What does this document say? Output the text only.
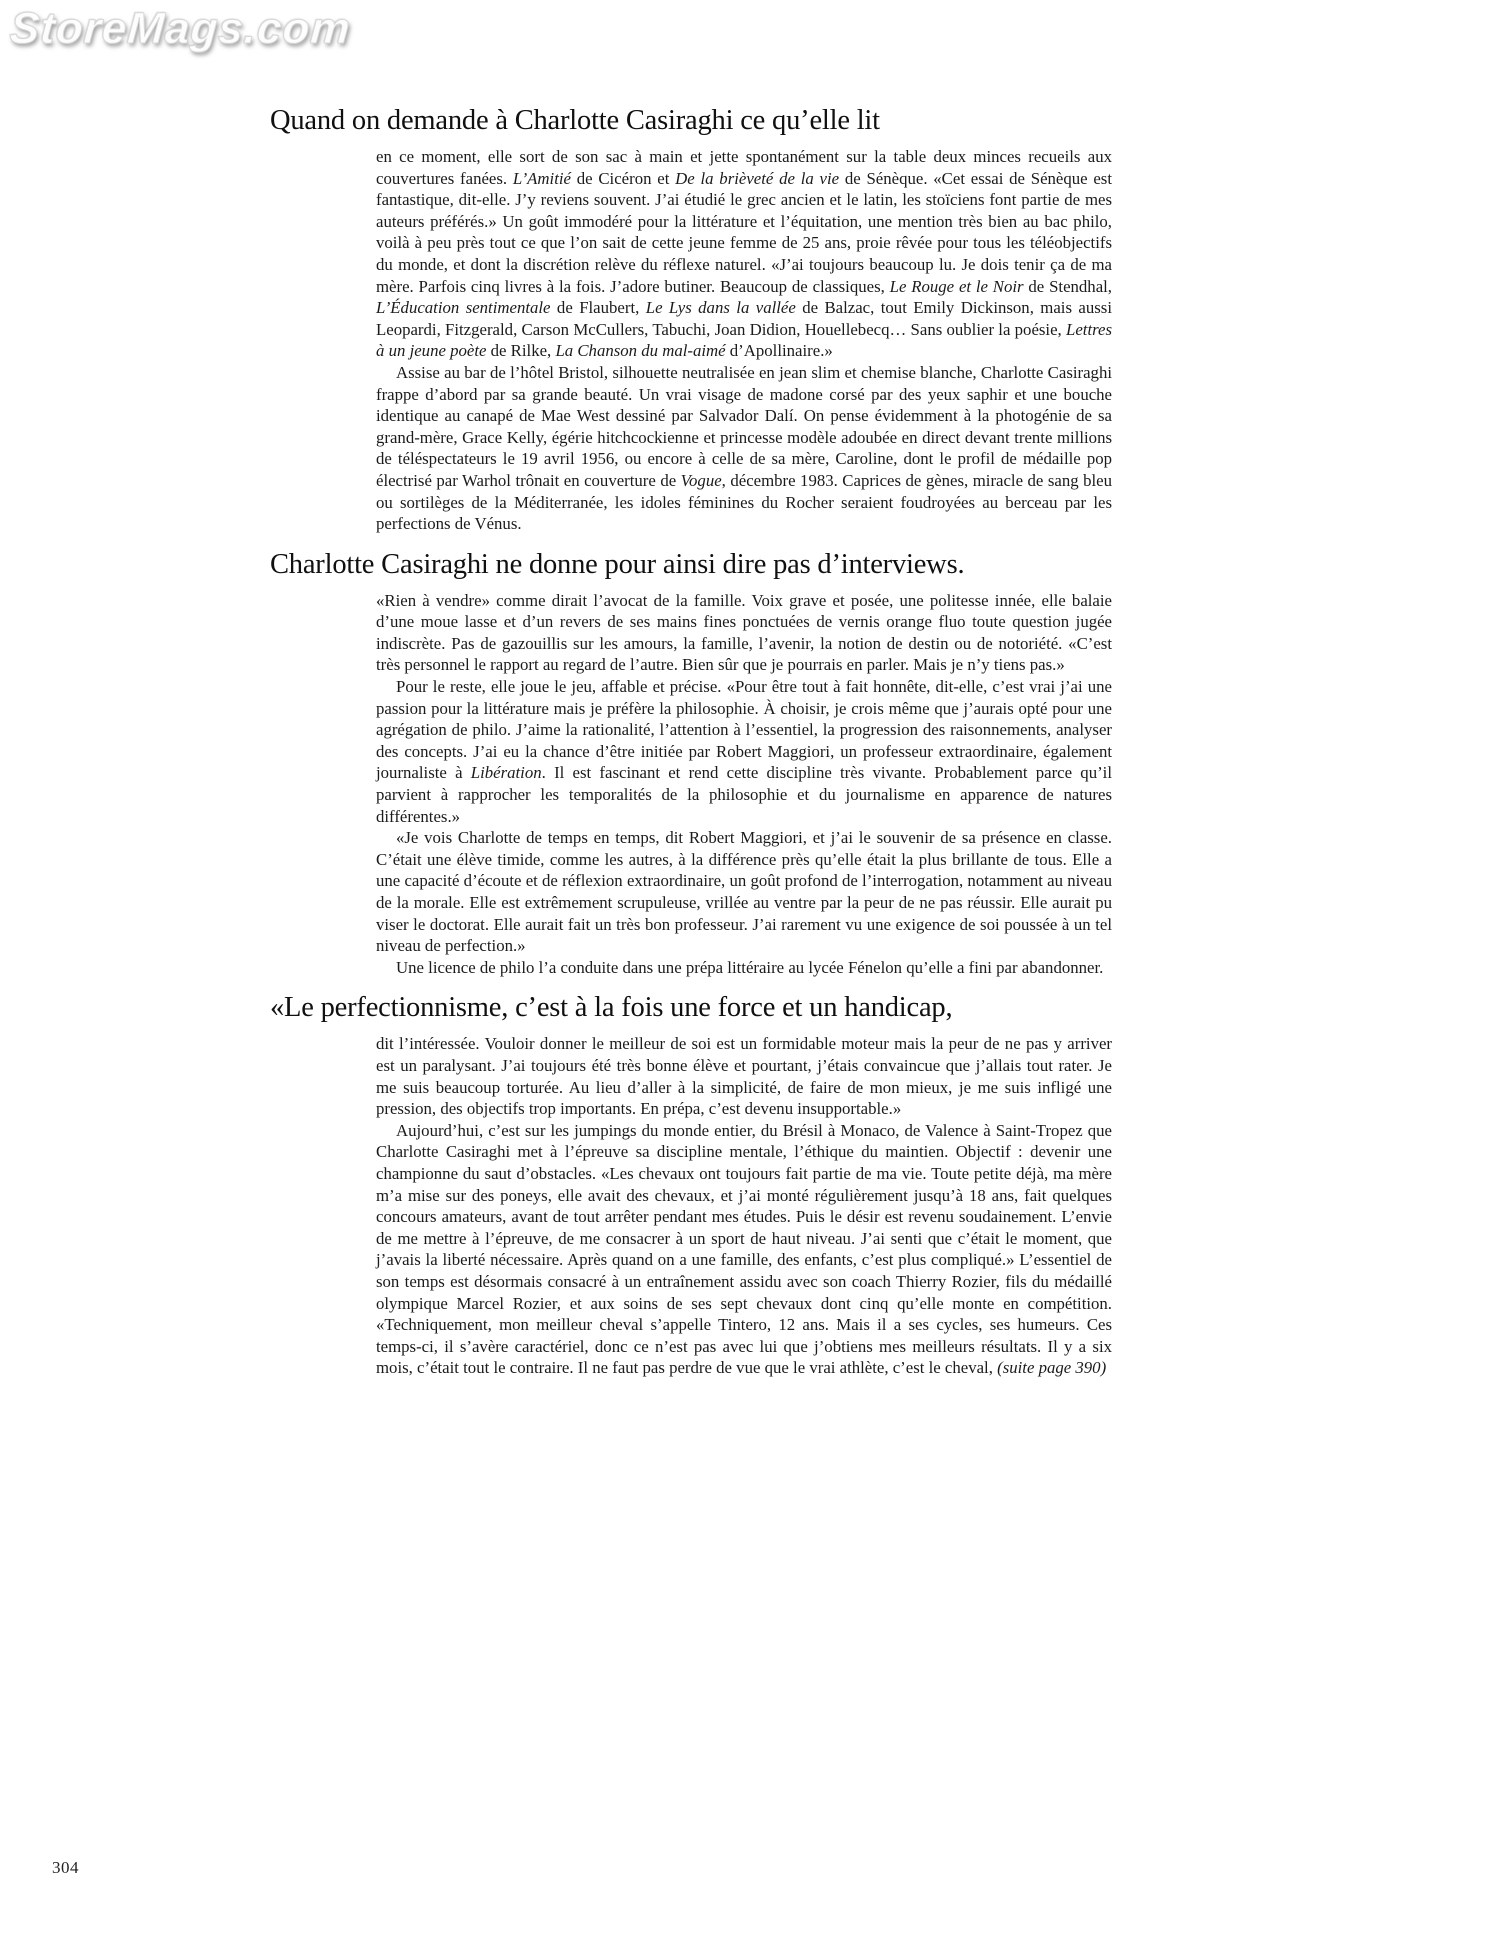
StoreMags.com
Quand on demande à Charlotte Casiraghi ce qu’elle lit

en ce moment, elle sort de son sac à main et jette spontanément sur la table deux minces recueils aux couvertures fanées. L’Amitié de Cicéron et De la brièveté de la vie de Sénèque. «Cet essai de Sénèque est fantastique, dit-elle. J’y reviens souvent. J’ai étudié le grec ancien et le latin, les stoïciens font partie de mes auteurs préférés.» Un goût immodéré pour la littérature et l’équitation, une mention très bien au bac philo, voilà à peu près tout ce que l’on sait de cette jeune femme de 25 ans, proie rêvée pour tous les téléobjectifs du monde, et dont la discrétion relève du réflexe naturel. «J’ai toujours beaucoup lu. Je dois tenir ça de ma mère. Parfois cinq livres à la fois. J’adore butiner. Beaucoup de classiques, Le Rouge et le Noir de Stendhal, L’Éducation sentimentale de Flaubert, Le Lys dans la vallée de Balzac, tout Emily Dickinson, mais aussi Leopardi, Fitzgerald, Carson McCullers, Tabuchi, Joan Didion, Houellebecq… Sans oublier la poésie, Lettres à un jeune poète de Rilke, La Chanson du mal-aimé d’Apollinaire.»

Assise au bar de l’hôtel Bristol, silhouette neutralisée en jean slim et chemise blanche, Charlotte Casiraghi frappe d’abord par sa grande beauté. Un vrai visage de madone corsé par des yeux saphir et une bouche identique au canapé de Mae West dessiné par Salvador Dalí. On pense évidemment à la photogénie de sa grand-mère, Grace Kelly, égérie hitchcockienne et princesse modèle adoubée en direct devant trente millions de téléspectateurs le 19 avril 1956, ou encore à celle de sa mère, Caroline, dont le profil de médaille pop électrisé par Warhol trônait en couverture de Vogue, décembre 1983. Caprices de gènes, miracle de sang bleu ou sortilèges de la Méditerranée, les idoles féminines du Rocher seraient foudroyées au berceau par les perfections de Vénus.

Charlotte Casiraghi ne donne pour ainsi dire pas d’interviews.

«Rien à vendre» comme dirait l’avocat de la famille. Voix grave et posée, une politesse innée, elle balaie d’une moue lasse et d’un revers de ses mains fines ponctuées de vernis orange fluo toute question jugée indiscrète. Pas de gazouillis sur les amours, la famille, l’avenir, la notion de destin ou de notoriété. «C’est très personnel le rapport au regard de l’autre. Bien sûr que je pourrais en parler. Mais je n’y tiens pas.»

Pour le reste, elle joue le jeu, affable et précise. «Pour être tout à fait honnête, dit-elle, c’est vrai j’ai une passion pour la littérature mais je préfère la philosophie. À choisir, je crois même que j’aurais opté pour une agrégation de philo. J’aime la rationalité, l’attention à l’essentiel, la progression des raisonnements, analyser des concepts. J’ai eu la chance d’être initiée par Robert Maggiori, un professeur extraordinaire, également journaliste à Libération. Il est fascinant et rend cette discipline très vivante. Probablement parce qu’il parvient à rapprocher les temporalités de la philosophie et du journalisme en apparence de natures différentes.»

«Je vois Charlotte de temps en temps, dit Robert Maggiori, et j’ai le souvenir de sa présence en classe. C’était une élève timide, comme les autres, à la différence près qu’elle était la plus brillante de tous. Elle a une capacité d’écoute et de réflexion extraordinaire, un goût profond de l’interrogation, notamment au niveau de la morale. Elle est extrêmement scrupuleuse, vrillée au ventre par la peur de ne pas réussir. Elle aurait pu viser le doctorat. Elle aurait fait un très bon professeur. J’ai rarement vu une exigence de soi poussée à un tel niveau de perfection.»

Une licence de philo l’a conduite dans une prépa littéraire au lycée Fénelon qu’elle a fini par abandonner.

«Le perfectionnisme, c’est à la fois une force et un handicap,

dit l’intéressée. Vouloir donner le meilleur de soi est un formidable moteur mais la peur de ne pas y arriver est un paralysant. J’ai toujours été très bonne élève et pourtant, j’étais convaincue que j’allais tout rater. Je me suis beaucoup torturée. Au lieu d’aller à la simplicité, de faire de mon mieux, je me suis infligé une pression, des objectifs trop importants. En prépa, c’est devenu insupportable.»

Aujourd’hui, c’est sur les jumpings du monde entier, du Brésil à Monaco, de Valence à Saint-Tropez que Charlotte Casiraghi met à l’épreuve sa discipline mentale, l’éthique du maintien. Objectif : devenir une championne du saut d’obstacles. «Les chevaux ont toujours fait partie de ma vie. Toute petite déjà, ma mère m’a mise sur des poneys, elle avait des chevaux, et j’ai monté régulièrement jusqu’à 18 ans, fait quelques concours amateurs, avant de tout arrêter pendant mes études. Puis le désir est revenu soudainement. L’envie de me mettre à l’épreuve, de me consacrer à un sport de haut niveau. J’ai senti que c’était le moment, que j’avais la liberté nécessaire. Après quand on a une famille, des enfants, c’est plus compliqué.» L’essentiel de son temps est désormais consacré à un entraînement assidu avec son coach Thierry Rozier, fils du médaillé olympique Marcel Rozier, et aux soins de ses sept chevaux dont cinq qu’elle monte en compétition. «Techniquement, mon meilleur cheval s’appelle Tintero, 12 ans. Mais il a ses cycles, ses humeurs. Ces temps-ci, il s’avère caractériel, donc ce n’est pas avec lui que j’obtiens mes meilleurs résultats. Il y a six mois, c’était tout le contraire. Il ne faut pas perdre de vue que le vrai athlète, c’est le cheval, (suite page 390)

304
